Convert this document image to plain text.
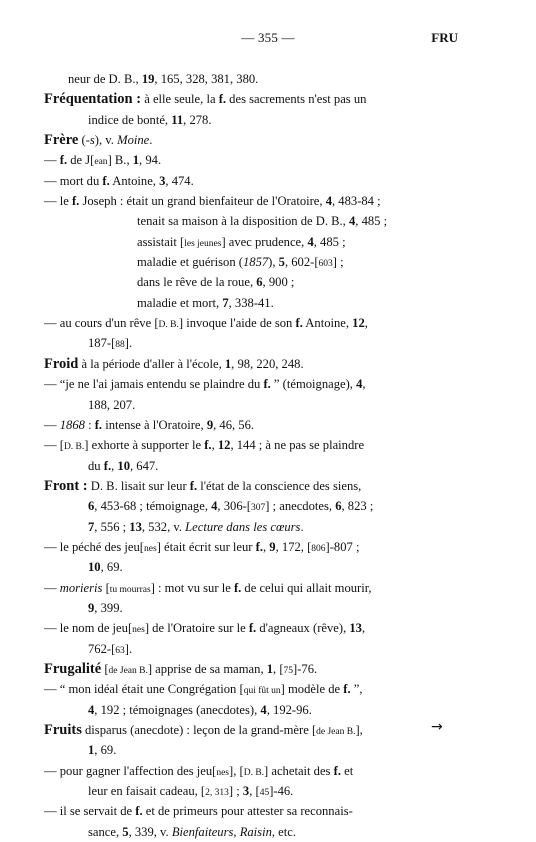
— 355 —	FRU
neur de D. B., 19, 165, 328, 381, 380.
Fréquentation : à elle seule, la f. des sacrements n'est pas un
indice de bonté, 11, 278.
Frère (-s), v. Moine.
— f. de J[ean] B., 1, 94.
— mort du f. Antoine, 3, 474.
— le f. Joseph : était un grand bienfaiteur de l'Oratoire, 4, 483-84 ;
tenait sa maison à la disposition de D. B., 4, 485 ;
assistait [les jeunes] avec prudence, 4, 485 ;
maladie et guérison (1857), 5, 602-[603] ;
dans le rêve de la roue, 6, 900 ;
maladie et mort, 7, 338-41.
— au cours d'un rêve [D. B.] invoque l'aide de son f. Antoine, 12,
187-[88].
Froid à la période d'aller à l'école, 1, 98, 220, 248.
— “je ne l'ai jamais entendu se plaindre du f. ” (témoignage), 4,
188, 207.
— 1868 : f. intense à l'Oratoire, 9, 46, 56.
— [D. B.] exhorte à supporter le f., 12, 144 ; à ne pas se plaindre
du f., 10, 647.
Front : D. B. lisait sur leur f. l'état de la conscience des siens,
6, 453-68 ; témoignage, 4, 306-[307] ; anecdotes, 6, 823 ;
7, 556 ; 13, 532, v. Lecture dans les cœurs.
— le péché des jeu[nes] était écrit sur leur f., 9, 172, [806]-807 ;
10, 69.
— morieris [tu mourras] : mot vu sur le f. de celui qui allait mourir,
9, 399.
— le nom de jeu[nes] de l'Oratoire sur le f. d'agneaux (rêve), 13,
762-[63].
Frugalité [de Jean B.] apprise de sa maman, 1, [75]-76.
— “ mon idéal était une Congrégation [qui fût un] modèle de f. ”,
4, 192 ; témoignages (anecdotes), 4, 192-96.
Fruits disparus (anecdote) : leçon de la grand-mère [de Jean B.],
1, 69.
— pour gagner l'affection des jeu[nes], [D. B.] achetait des f. et
leur en faisait cadeau, [2, 313] ; 3, [45]-46.
— il se servait de f. et de primeurs pour attester sa reconnais-
sance, 5, 339, v. Bienfaiteurs, Raisin, etc.
→
